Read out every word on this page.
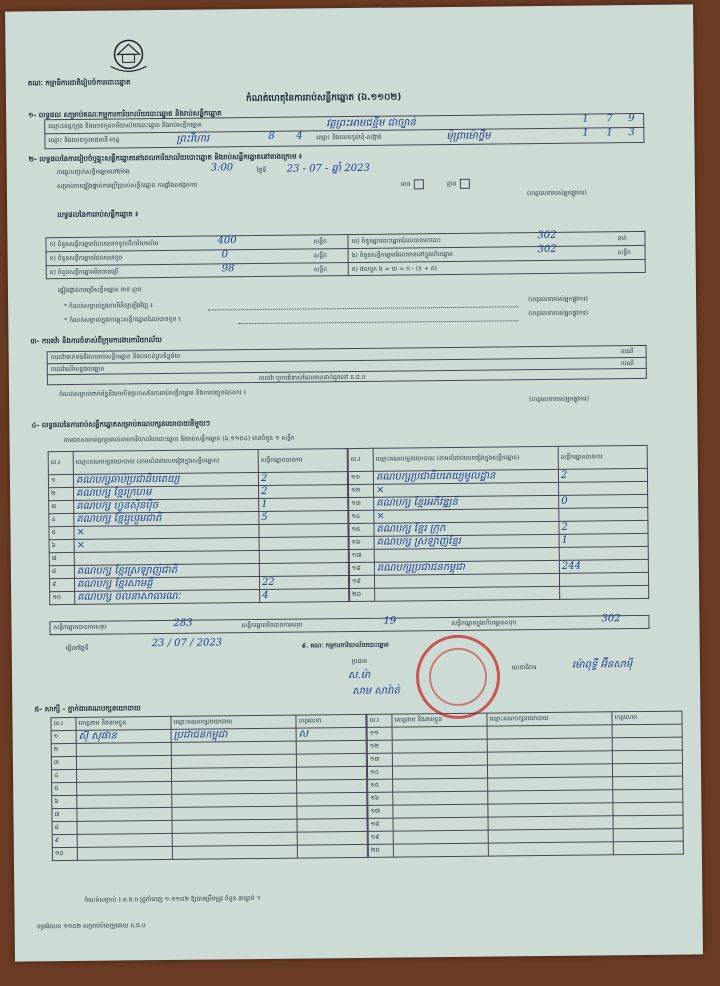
គណៈ កម្មាធិការជាតិរៀបចំការបោះឆ្នោត
កំណត់ហេតុនៃការរាប់សន្លឹកឆ្នោត (ឯ.១១០២)
១- លទ្ធផល សម្រាប់គណៈកម្មការការិយាល័យបោះឆ្នោត និងរាប់សន្លឹកឆ្នោត
ឈ្មោះខេត្ត/ក្រុង និងលេខកូដការិយាល័យបោះឆ្នោត និងរាប់សន្លឹកឆ្នោត	វត្តព្រះអាមជន្មីម ជាច្បាន់	1 7 9
ឈ្មោះ និងលេខកូដរាជធានី-ខេត្ត	ព្រះវិហារ	8 4 ឈ្មោះ និងលេខកូដឃុំ-សង្កាត់	ម៉ុព្រាម៉ោថ្នីម	1 1 3
២- លទ្ធផលនៃការរៀបចំ​ឬឆ្លុះសន្លឹកឆ្នោតនៅពេលការិយាល័យបោះឆ្នោត និងរាប់សន្លឹកឆ្នោតនៅខាងក្រោម ៖
ការឆ្លុះបញ្ជាក់សន្លឹកឆ្នោតនៅម៉ោង	3:00	ថ្ងៃទី 23 - 07 - ឆ្នាំ 2023
សម្រាប់ការផ្ទៀងផ្ទាត់ការប្រើប្រាស់សន្លឹកឆ្នោត ការផ្ទាំងសង្កេតការ	មាន	គ្មាន
(ហត្ថលេខារបស់អ្នកផ្លូវការ)
លទ្ធផលនៃការរាប់សន្លឹកឆ្នោត ៖
ក) ចំនួនសន្លឹកឆ្នោតដែលបានទទួលពីការិយាល័យ	400	សន្លឹក
ខ) ចំនួនសន្លឹកឆ្នោតដែលបានខូច	0	សន្លឹក
គ) ចំនួនសន្លឹកឆ្នោតមិនបានប្រើ	98	សន្លឹក
ឃ) ចំនួនអ្នកបោះឆ្នោតដែលបានមកបោះ	302	នាក់
ង) ចំនួនសន្លឹកឆ្នោតដែលមាននៅក្នុងហិបឆ្នោត	302	សន្លឹក
ច) ផលបូក ង = ឃ = ក - (ខ + គ)
ផ្ទៀងផ្ទាត់ការប្រើសន្លឹកឆ្នោត មាន គ្មាន
* កំណត់សម្គាល់ក្នុងការពិនិត្យឡើងវិញ ៖
(ហត្ថលេខារបស់អ្នកផ្លូវការ)
* កំណត់សម្គាល់ក្នុងការឆ្លុះសន្លឹកឆ្នោតដែលបានខូច ៖
(ហត្ថលេខារបស់អ្នកផ្លូវការ)
៣- ការតវ៉ា និងការចំទាស់ពីក្រុមការងារការិយាល័យ
ការតវ៉ាទាក់ទងនឹងការរាប់សន្លឹកឆ្នោត និងការកត់ត្រាទិន្នន័យ
ករណី
ការតវ៉ាលើលទ្ធផលឆ្នោត
ករណី
ការតវ៉ា ឬការជំទាស់ដែលមានដាក់ជូនទៅ គ.ជ.ប
កំណត់សម្គាល់ពាក់ព័ន្ធនឹងការបិទប្រកាសនៃការរាប់សន្លឹកឆ្នោត និងការបញ្ជូនឯកសារ ៖
(ហត្ថលេខារបស់អ្នកផ្លូវការ)
៤- លទ្ធផលនៃការរាប់សន្លឹកឆ្នោតសម្រាប់គណបក្សនយោបាយនីមួយៗ
តាមឯកសារកត់ត្រារួចរាល់តាមការិយាល័យបោះឆ្នោត និងរាប់សន្លឹកឆ្នោត (ឯ.១១០៤) មានចំនួន ១ សន្លឹក
ល.រ	ឈ្មោះគណបក្សនយោបាយ (តាមលំដាប់លេខរៀងក្នុងសន្លឹកឆ្នោត)	សន្លឹកឆ្នោតបានការ
១	គណបក្សឆាប់ប្រជាធិបតេយ្យ	2
២	គណបក្ស ខ្មែរក្រហម	2
៣	គណបក្ស ហ្វូនស៊ិនប៉ិច	1
៤	គណបក្ស ខ្មែររួបរួមជាតិ	5
៥	×	
៦	×	
៧		
៨	គណបក្ស ខ្មែរស្រឡាញ់ជាតិ	
៩	គណបក្ស ខ្មែរសាមគ្គី	22
១០	គណបក្ស ចលនាសាធារណៈ	4
ល.រ	ឈ្មោះគណបក្សនយោបាយ (តាមលំដាប់លេខរៀងក្នុងសន្លឹកឆ្នោត)	សន្លឹកឆ្នោតបានការ
១១	គណបក្សប្រជាធិបតេយ្យមូលដ្ឋាន	2
១២	×	
១៣	គណបក្ស ខ្មែរអភិវឌ្ឍន៍	0
១៤	×	
១៥	គណបក្ស ខ្មែរ ​ក្រុក	2
១៦	គណបក្ស ស្រឡាញ់ខ្មែរ	1
១៧		
១៨	គណបក្សប្រជាជនកម្ពុជា	244
១៩		
២០		
សន្លឹកឆ្នោតបានការសរុប	283	សន្លឹកឆ្នោតមិនបានការសរុប	19	សន្លឹកឆ្នោតក្នុងហិបឆ្នោតសរុប	302
ធ្វើនៅថ្ងៃទី	23 / 07 / 2023	៩. គណៈ កម្មការការិយាល័យបោះឆ្នោត
ប្រធាន
ស.ម៉ា
សាម សារ៉ាត់
លេខាធិការ	ម៉ោ​ពុទ្ធី អ៊ីនសាម៉ី
៥- សាក្សី - ភ្នាក់ងារគណបក្សនយោបាយ
ល.រ	គោត្តនាម និងនាមខ្លួន	ឈ្មោះគណបក្សនយោបាយ	ហត្ថលេខា
១	ស៊ុ សុផាន	ប្រជាជនកម្ពុជា	ស
២			
៣			
៤			
៥			
៦			
៧			
៨			
៩			
១០			
ល.រ	គោត្តនាម និងនាមខ្លួន	ឈ្មោះគណបក្សនយោបាយ	ហត្ថលេខា
១១			
១២			
១៣			
១៤			
១៥			
១៦			
១៧			
១៨			
១៩			
២០			
កំណត់សម្គាល់ ៖ គ.ជ.ប ត្រូវបំពេញ ១.១១០២ ឱ្យបានត្រឹមត្រូវ ចំនួន ៣ច្បាប់ ។
ទម្រង់លេខ ១១០២ សម្រាប់បំពេញដោយ គ.ជ.ប
